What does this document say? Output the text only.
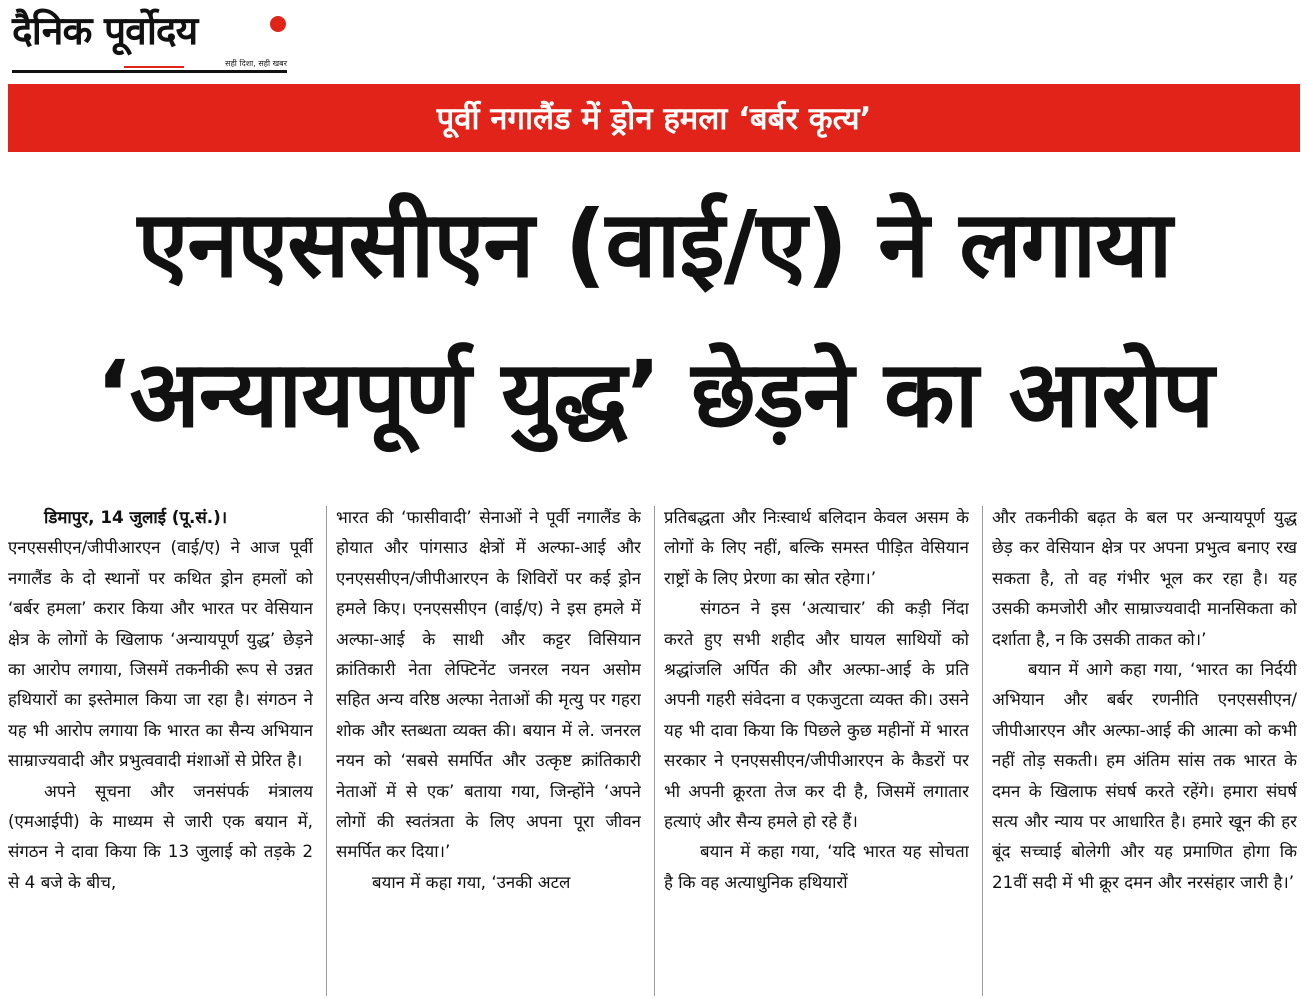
दैनिक पूर्वोदय
सही दिशा, सही खबर
पूर्वी नगालैंड में ड्रोन हमला ‘बर्बर कृत्य’
एनएससीएन (वाई/ए) ने लगाया
‘अन्यायपूर्ण युद्ध’ छेड़ने का आरोप

डिमापुर, 14 जुलाई (पू.सं.)।

एनएससीएन/जीपीआरएन (वाई/ए) ने आज पूर्वी नगालैंड के दो स्थानों पर कथित ड्रोन हमलों को ‘बर्बर हमला’ करार किया और भारत पर वेसियान क्षेत्र के लोगों के खिलाफ ‘अन्यायपूर्ण युद्ध’ छेड़ने का आरोप लगाया, जिसमें तकनीकी रूप से उन्नत हथियारों का इस्तेमाल किया जा रहा है। संगठन ने यह भी आरोप लगाया कि भारत का सैन्य अभियान साम्राज्यवादी और प्रभुत्ववादी मंशाओं से प्रेरित है।

अपने सूचना और जनसंपर्क मंत्रालय (एमआईपी) के माध्यम से जारी एक बयान में, संगठन ने दावा किया कि 13 जुलाई को तड़के 2 से 4 बजे के बीच,

भारत की ‘फासीवादी’ सेनाओं ने पूर्वी नगालैंड के होयात और पांगसाउ क्षेत्रों में अल्फा-आई और एनएससीएन/जीपीआरएन के शिविरों पर कई ड्रोन हमले किए। एनएससीएन (वाई/ए) ने इस हमले में अल्फा-आई के साथी और कट्टर विसियान क्रांतिकारी नेता लेफ्टिनेंट जनरल नयन असोम सहित अन्य वरिष्ठ अल्फा नेताओं की मृत्यु पर गहरा शोक और स्तब्धता व्यक्त की। बयान में ले. जनरल नयन को ‘सबसे समर्पित और उत्कृष्ट क्रांतिकारी नेताओं में से एक’ बताया गया, जिन्होंने ‘अपने लोगों की स्वतंत्रता के लिए अपना पूरा जीवन समर्पित कर दिया।’

बयान में कहा गया, ‘उनकी अटल

प्रतिबद्धता और निःस्वार्थ बलिदान केवल असम के लोगों के लिए नहीं, बल्कि समस्त पीड़ित वेसियान राष्ट्रों के लिए प्रेरणा का स्रोत रहेगा।’

संगठन ने इस ‘अत्याचार’ की कड़ी निंदा करते हुए सभी शहीद और घायल साथियों को श्रद्धांजलि अर्पित की और अल्फा-आई के प्रति अपनी गहरी संवेदना व एकजुटता व्यक्त की। उसने यह भी दावा किया कि पिछले कुछ महीनों में भारत सरकार ने एनएससीएन/जीपीआरएन के कैडरों पर भी अपनी क्रूरता तेज कर दी है, जिसमें लगातार हत्याएं और सैन्य हमले हो रहे हैं।

बयान में कहा गया, ‘यदि भारत यह सोचता है कि वह अत्याधुनिक हथियारों

और तकनीकी बढ़त के बल पर अन्यायपूर्ण युद्ध छेड़ कर वेसियान क्षेत्र पर अपना प्रभुत्व बनाए रख सकता है, तो वह गंभीर भूल कर रहा है। यह उसकी कमजोरी और साम्राज्यवादी मानसिकता को दर्शाता है, न कि उसकी ताकत को।’

बयान में आगे कहा गया, ‘भारत का निर्दयी अभियान और बर्बर रणनीति एनएससीएन/जीपीआरएन और अल्फा-आई की आत्मा को कभी नहीं तोड़ सकती। हम अंतिम सांस तक भारत के दमन के खिलाफ संघर्ष करते रहेंगे। हमारा संघर्ष सत्य और न्याय पर आधारित है। हमारे खून की हर बूंद सच्चाई बोलेगी और यह प्रमाणित होगा कि 21वीं सदी में भी क्रूर दमन और नरसंहार जारी है।’
